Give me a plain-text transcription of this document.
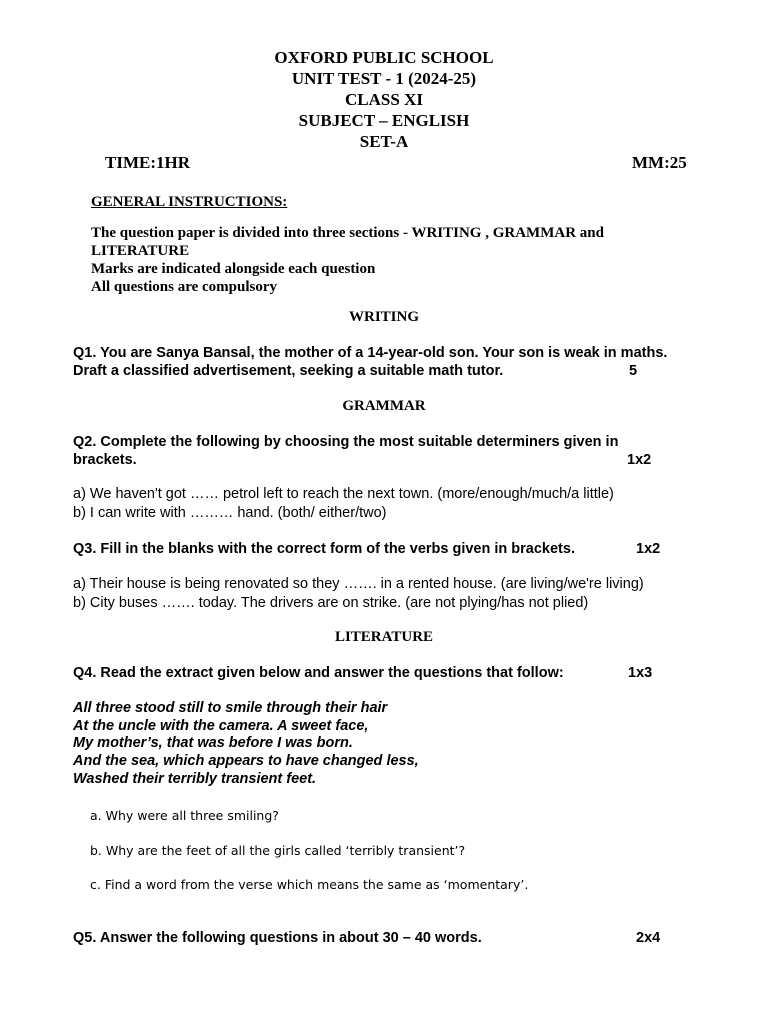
OXFORD PUBLIC SCHOOL
UNIT TEST - 1 (2024-25)
CLASS XI
SUBJECT – ENGLISH
SET-A
TIME:1HR	MM:25
GENERAL INSTRUCTIONS:
The question paper is divided into three sections - WRITING , GRAMMAR and
LITERATURE
Marks are indicated alongside each question
All questions are compulsory
WRITING
Q1. You are Sanya Bansal, the mother of a 14-year-old son. Your son is weak in maths.
Draft a classified advertisement, seeking a suitable math tutor.	5
GRAMMAR
Q2. Complete the following by choosing the most suitable determiners given in
brackets.	1x2
a) We haven't got …… petrol left to reach the next town. (more/enough/much/a little)
b) I can write with ……… hand. (both/ either/two)
Q3. Fill in the blanks with the correct form of the verbs given in brackets.	1x2
a) Their house is being renovated so they ……. in a rented house. (are living/we're living)
b) City buses ……. today. The drivers are on strike. (are not plying/has not plied)
LITERATURE
Q4. Read the extract given below and answer the questions that follow:	1x3
All three stood still to smile through their hair
At the uncle with the camera. A sweet face,
My mother’s, that was before I was born.
And the sea, which appears to have changed less,
Washed their terribly transient feet.
a. Why were all three smiling?
b. Why are the feet of all the girls called ‘terribly transient’?
c. Find a word from the verse which means the same as ‘momentary’.
Q5. Answer the following questions in about 30 – 40 words.	2x4
